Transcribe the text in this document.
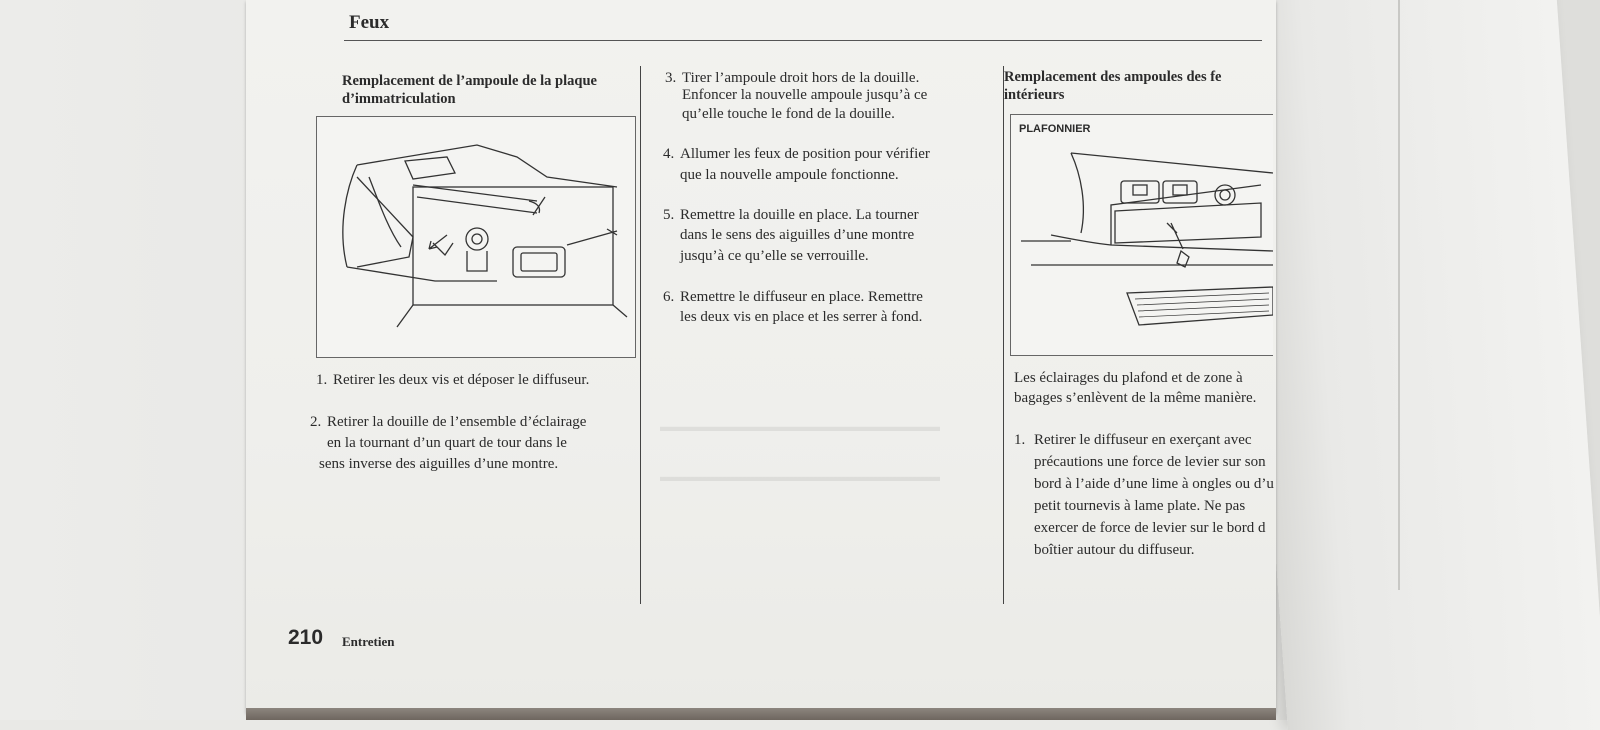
▬▬▬▬▬▬▬▬▬▬▬▬▬▬▬▬▬▬▬▬
▬▬▬▬▬▬▬▬▬▬▬▬▬▬▬▬▬▬▬▬
Feux
Remplacement de l’ampoule de la plaque
d’immatriculation
1. Retirer les deux vis et déposer le diffuseur.
2. Retirer la douille de l’ensemble d’éclairage
en la tournant d’un quart de tour dans le
sens inverse des aiguilles d’une montre.
3. Tirer l’ampoule droit hors de la douille.
Enfoncer la nouvelle ampoule jusqu’à ce
qu’elle touche le fond de la douille.
4. Allumer les feux de position pour vérifier
que la nouvelle ampoule fonctionne.
5. Remettre la douille en place. La tourner
dans le sens des aiguilles d’une montre
jusqu’à ce qu’elle se verrouille.
6. Remettre le diffuseur en place. Remettre
les deux vis en place et les serrer à fond.
Remplacement des ampoules des fe
intérieurs
PLAFONNIER
Les éclairages du plafond et de zone à
bagages s’enlèvent de la même manière.
1. Retirer le diffuseur en exerçant avec
précautions une force de levier sur son
bord à l’aide d’une lime à ongles ou d’u
petit tournevis à lame plate. Ne pas
exercer de force de levier sur le bord d
boîtier autour du diffuseur.
210 Entretien
